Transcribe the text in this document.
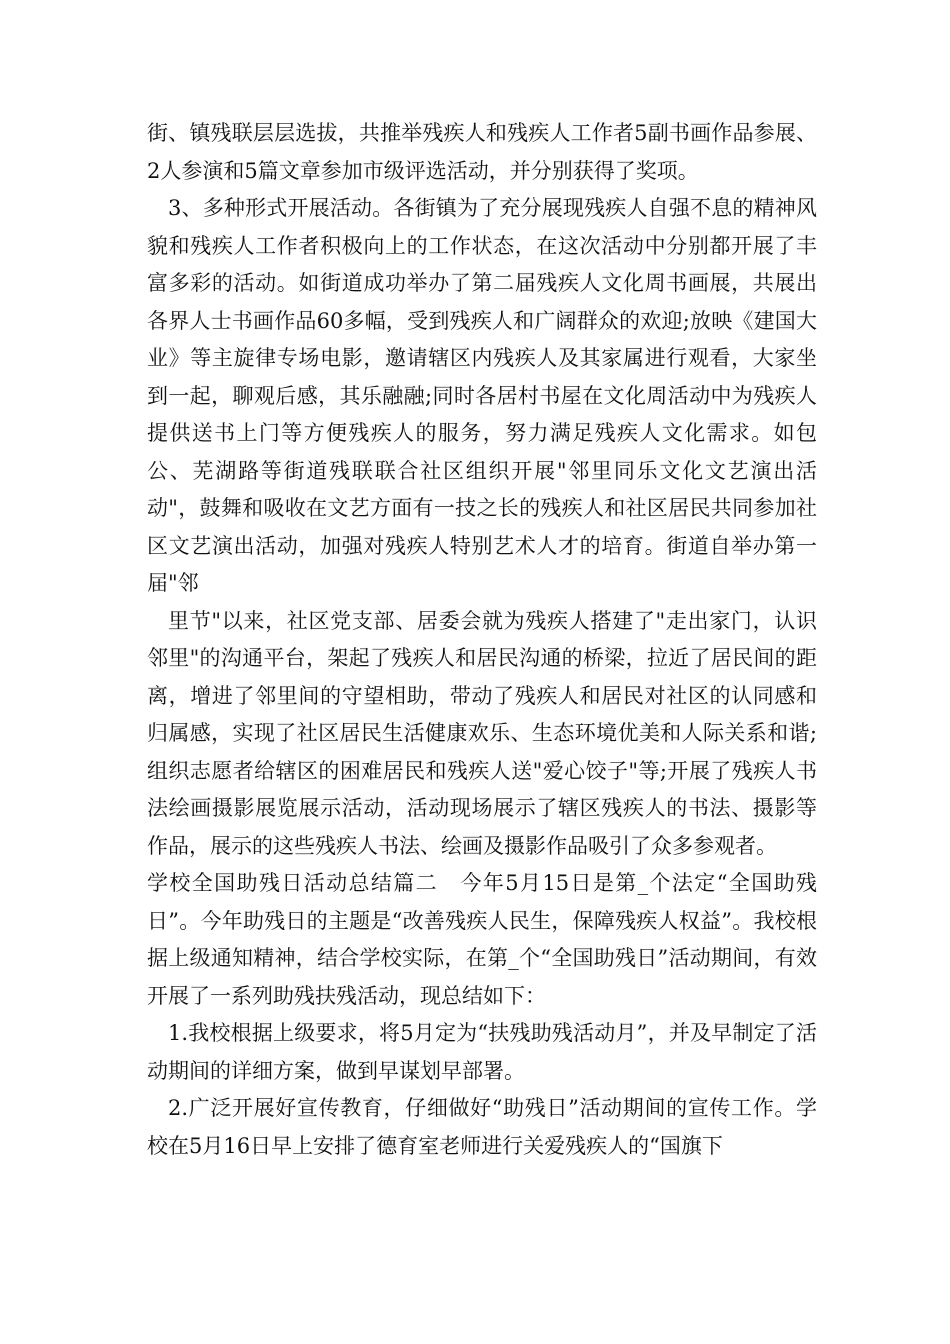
街、镇残联层层选拔，共推举残疾人和残疾人工作者5副书画作品参展、2人参演和5篇文章参加市级评选活动，并分别获得了奖项。

3、多种形式开展活动。各街镇为了充分展现残疾人自强不息的精神风貌和残疾人工作者积极向上的工作状态，在这次活动中分别都开展了丰富多彩的活动。如街道成功举办了第二届残疾人文化周书画展，共展出各界人士书画作品60多幅，受到残疾人和广阔群众的欢迎;放映《建国大业》等主旋律专场电影，邀请辖区内残疾人及其家属进行观看，大家坐到一起，聊观后感，其乐融融;同时各居村书屋在文化周活动中为残疾人提供送书上门等方便残疾人的服务，努力满足残疾人文化需求。如包公、芜湖路等街道残联联合社区组织开展"邻里同乐文化文艺演出活动"，鼓舞和吸收在文艺方面有一技之长的残疾人和社区居民共同参加社区文艺演出活动，加强对残疾人特别艺术人才的培育。街道自举办第一届"邻

里节"以来，社区党支部、居委会就为残疾人搭建了"走出家门，认识邻里"的沟通平台，架起了残疾人和居民沟通的桥梁，拉近了居民间的距离，增进了邻里间的守望相助，带动了残疾人和居民对社区的认同感和归属感，实现了社区居民生活健康欢乐、生态环境优美和人际关系和谐;组织志愿者给辖区的困难居民和残疾人送"爱心饺子"等;开展了残疾人书法绘画摄影展览展示活动，活动现场展示了辖区残疾人的书法、摄影等作品，展示的这些残疾人书法、绘画及摄影作品吸引了众多参观者。

学校全国助残日活动总结篇二　今年5月15日是第_个法定“全国助残日”。今年助残日的主题是“改善残疾人民生，保障残疾人权益”。我校根据上级通知精神，结合学校实际，在第_个“全国助残日”活动期间，有效开展了一系列助残扶残活动，现总结如下：

1.我校根据上级要求，将5月定为“扶残助残活动月”，并及早制定了活动期间的详细方案，做到早谋划早部署。

2.广泛开展好宣传教育，仔细做好“助残日”活动期间的宣传工作。学校在5月16日早上安排了德育室老师进行关爱残疾人的“国旗下
